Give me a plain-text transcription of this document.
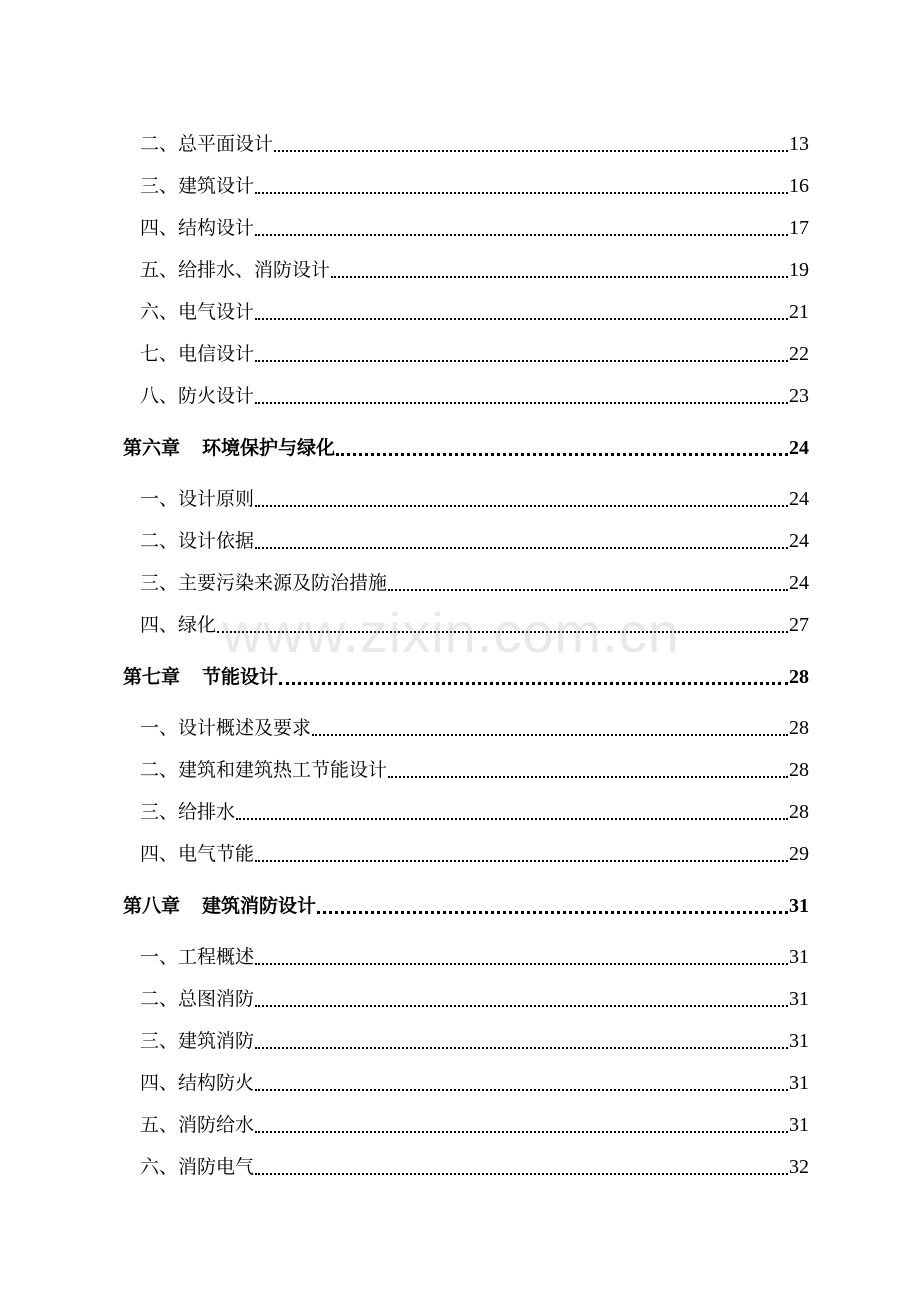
二、总平面设计	13
三、建筑设计	16
四、结构设计	17
五、给排水、消防设计	19
六、电气设计	21
七、电信设计	22
八、防火设计	23
第六章 环境保护与绿化	24
一、设计原则	24
二、设计依据	24
三、主要污染来源及防治措施	24
四、绿化	27
第七章 节能设计	28
一、设计概述及要求	28
二、建筑和建筑热工节能设计	28
三、给排水	28
四、电气节能	29
第八章 建筑消防设计	31
一、工程概述	31
二、总图消防	31
三、建筑消防	31
四、结构防火	31
五、消防给水	31
六、消防电气	32
www.zixin.com.cn
